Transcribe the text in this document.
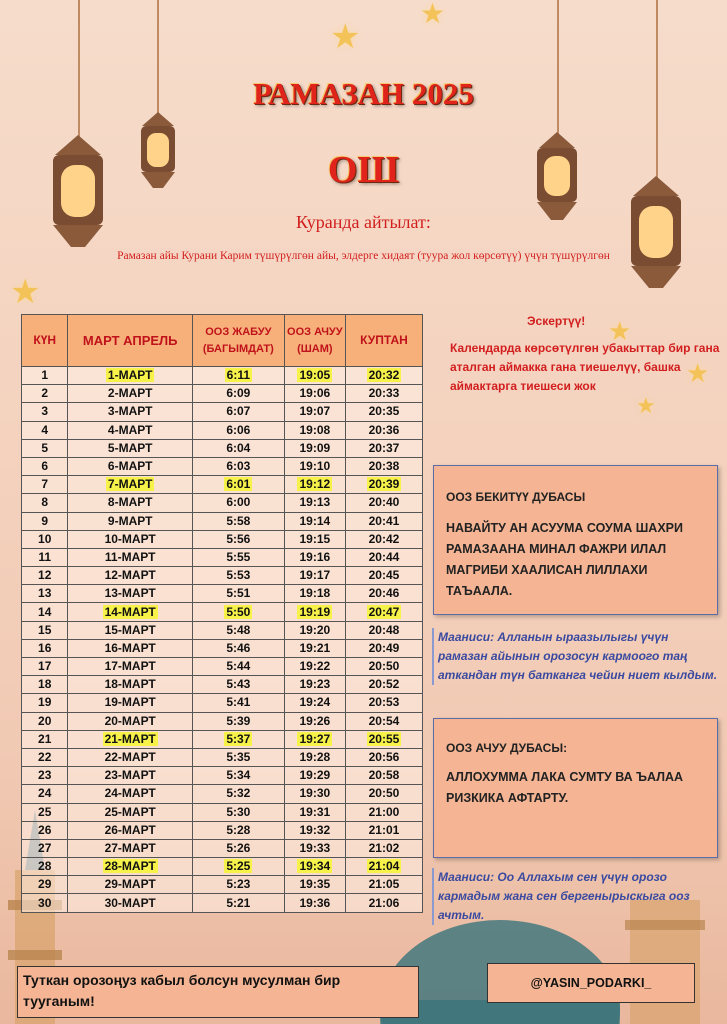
★
★
★
★
★
★
РАМАЗАН 2025
ОШ
Куранда айтылат:
Рамазан айы Курани Карим түшүрүлгөн айы, элдерге хидаят (туура жол көрсөтүү) үчүн түшүрүлгөн
КҮН	МАРТ АПРЕЛЬ	ООЗ ЖАБУУ (БАГЫМДАТ)	ООЗ АЧУУ (ШАМ)	КУПТАН
1	1-МАРТ	6:11	19:05	20:32
2	2-МАРТ	6:09	19:06	20:33
3	3-МАРТ	6:07	19:07	20:35
4	4-МАРТ	6:06	19:08	20:36
5	5-МАРТ	6:04	19:09	20:37
6	6-МАРТ	6:03	19:10	20:38
7	7-МАРТ	6:01	19:12	20:39
8	8-МАРТ	6:00	19:13	20:40
9	9-МАРТ	5:58	19:14	20:41
10	10-МАРТ	5:56	19:15	20:42
11	11-МАРТ	5:55	19:16	20:44
12	12-МАРТ	5:53	19:17	20:45
13	13-МАРТ	5:51	19:18	20:46
14	14-МАРТ	5:50	19:19	20:47
15	15-МАРТ	5:48	19:20	20:48
16	16-МАРТ	5:46	19:21	20:49
17	17-МАРТ	5:44	19:22	20:50
18	18-МАРТ	5:43	19:23	20:52
19	19-МАРТ	5:41	19:24	20:53
20	20-МАРТ	5:39	19:26	20:54
21	21-МАРТ	5:37	19:27	20:55
22	22-МАРТ	5:35	19:28	20:56
23	23-МАРТ	5:34	19:29	20:58
24	24-МАРТ	5:32	19:30	20:50
25	25-МАРТ	5:30	19:31	21:00
26	26-МАРТ	5:28	19:32	21:01
27	27-МАРТ	5:26	19:33	21:02
28	28-МАРТ	5:25	19:34	21:04
29	29-МАРТ	5:23	19:35	21:05
30	30-МАРТ	5:21	19:36	21:06
Эскертүү!
Календарда көрсөтүлгөн убакыттар бир гана аталган аймакка гана тиешелүү, башка аймактарга тиешеси жок
ООЗ БЕКИТҮҮ ДУБАСЫ
НАВАЙТУ АН АСУУМА СОУМА ШАХРИ РАМАЗААНА МИНАЛ ФАЖРИ ИЛАЛ МАГРИБИ ХААЛИСАН ЛИЛЛАХИ ТАЪААЛА.
Мааниси: Алланын ыраазылыгы үчүн рамазан айынын орозосун кармоого таң аткандан түн батканга чейин ниет кылдым.
ООЗ АЧУУ ДУБАСЫ:
АЛЛОХУММА ЛАКА СУМТУ ВА ЪАЛАА РИЗКИКА АФТАРТУ.
Мааниси: Оо Аллахым сен үчүн орозо кармадым жана сен бергенырыскыга ооз ачтым.
Туткан орозоңуз кабыл болсун мусулман бир тууганым!
@YASIN_PODARKI_
